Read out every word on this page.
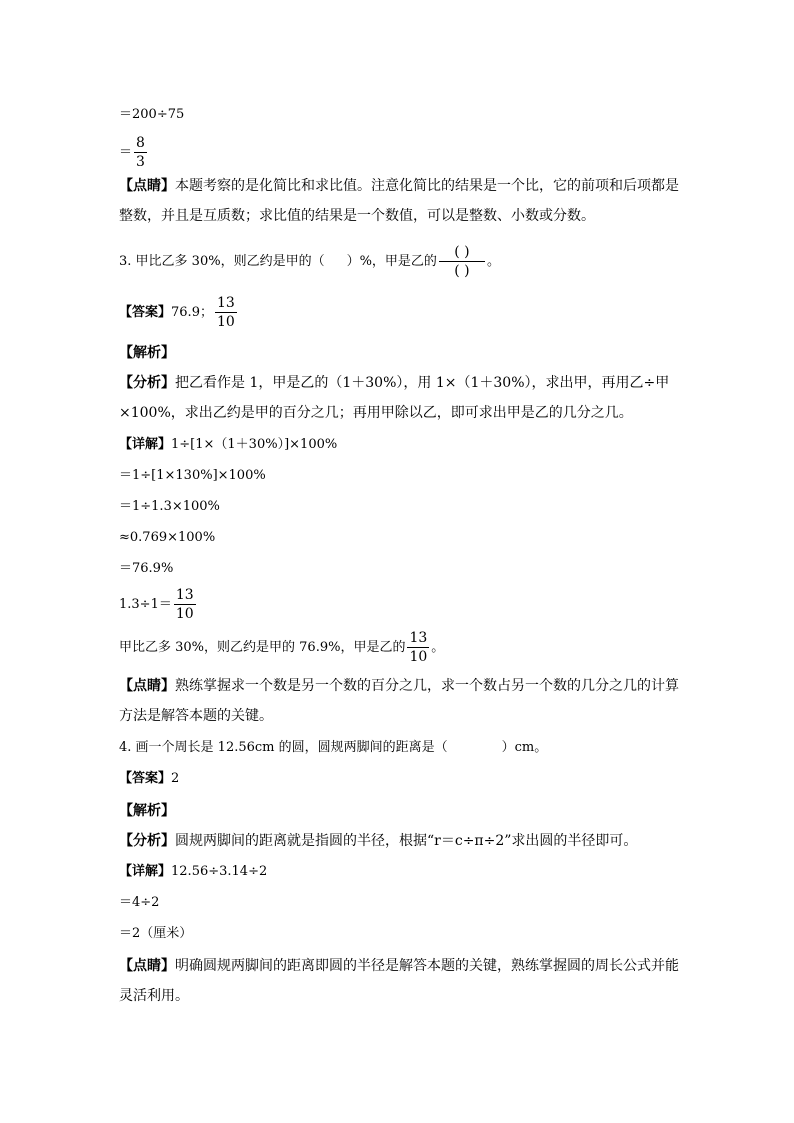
＝200÷75
＝ $\frac{8}{3}$
【点睛】本题考察的是化简比和求比值。注意化简比的结果是一个比，它的前项和后项都是
整数，并且是互质数；求比值的结果是一个数值，可以是整数、小数或分数。
3. 甲比乙多 30%，则乙约是甲的（ ）%，甲是乙的 $\frac{( )}{( )}$ 。
【答案】76.9； $\frac{13}{10}$
【解析】
【分析】把乙看作是 1，甲是乙的（1＋30%），用 1×（1＋30%），求出甲，再用乙÷甲
×100%，求出乙约是甲的百分之几；再用甲除以乙，即可求出甲是乙的几分之几。
【详解】1÷[1×（1＋30%）]×100%
＝1÷[1×130%]×100%
＝1÷1.3×100%
≈0.769×100%
＝76.9%
$1.3\div 1= \frac{13}{10}$
甲比乙多 30%，则乙约是甲的 76.9%，甲是乙的 $\frac{13}{10}$ 。
【点睛】熟练掌握求一个数是另一个数的百分之几，求一个数占另一个数的几分之几的计算
方法是解答本题的关键。
4. 画一个周长是 12.56cm 的圆，圆规两脚间的距离是（	）cm。
【答案】2
【解析】
【分析】圆规两脚间的距离就是指圆的半径，根据“r＝c÷π÷2”求出圆的半径即可。
【详解】12.56÷3.14÷2
＝4÷2
＝2（厘米）
【点睛】明确圆规两脚间的距离即圆的半径是解答本题的关键，熟练掌握圆的周长公式并能
灵活利用。
